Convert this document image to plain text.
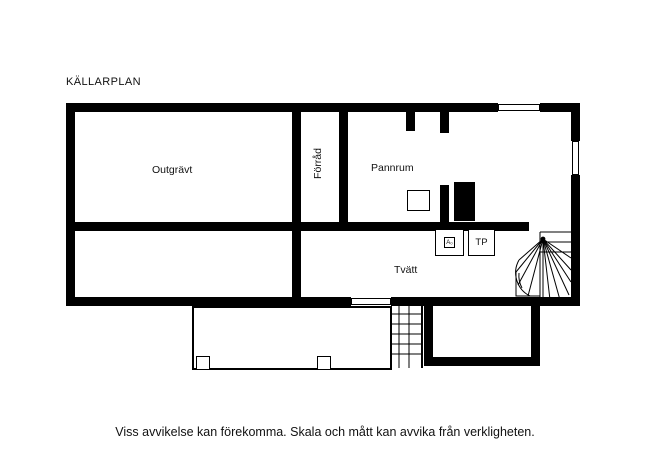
KÄLLARPLAN
A₀	TP
Outgrävt	Förråd	Pannrum
Tvätt
Viss avvikelse kan förekomma. Skala och mått kan avvika från verkligheten.
